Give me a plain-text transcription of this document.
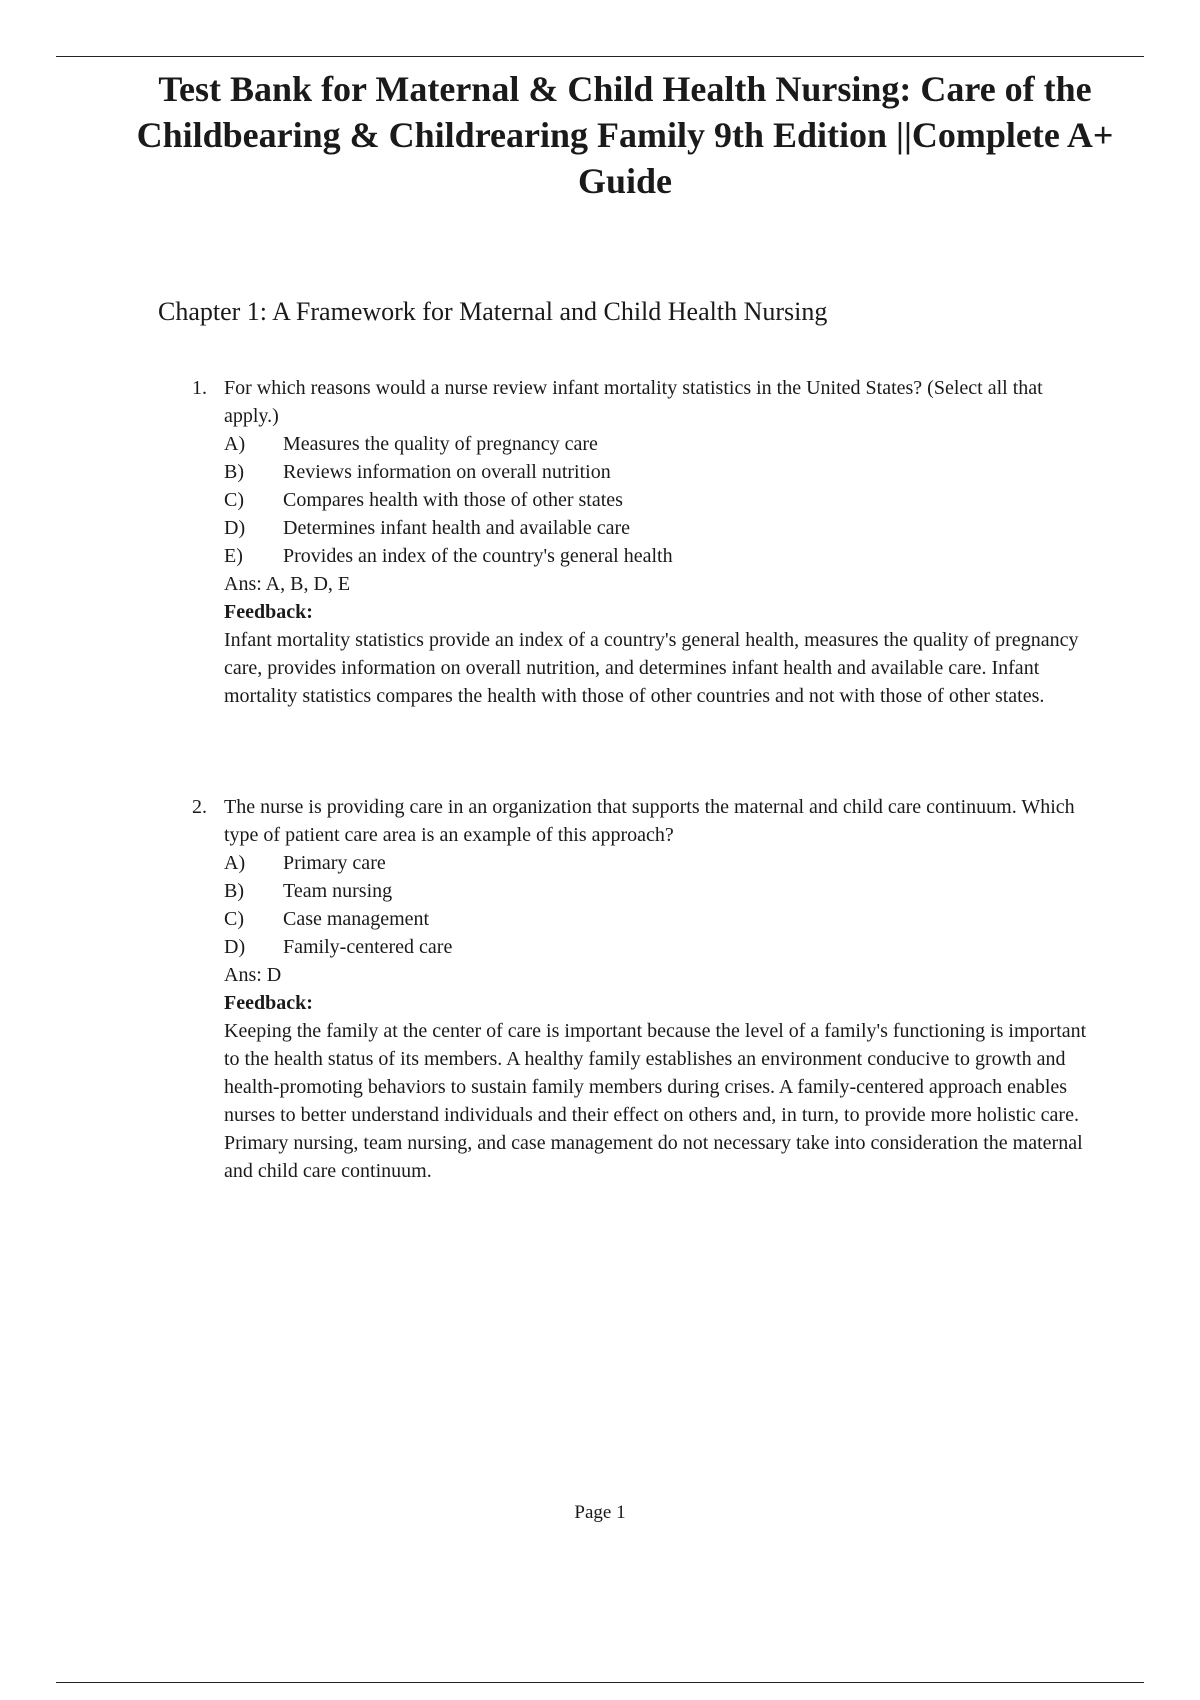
Test Bank for Maternal & Child Health Nursing: Care of the Childbearing & Childrearing Family 9th Edition ||Complete A+ Guide
Chapter 1: A Framework for Maternal and Child Health Nursing
1. For which reasons would a nurse review infant mortality statistics in the United States? (Select all that apply.)
A)	Measures the quality of pregnancy care
B)	Reviews information on overall nutrition
C)	Compares health with those of other states
D)	Determines infant health and available care
E)	Provides an index of the country's general health

Ans: A, B, D, E

Feedback:

Infant mortality statistics provide an index of a country's general health, measures the quality of pregnancy care, provides information on overall nutrition, and determines infant health and available care. Infant mortality statistics compares the health with those of other countries and not with those of other states.

2. The nurse is providing care in an organization that supports the maternal and child care continuum. Which type of patient care area is an example of this approach?
A)	Primary care
B)	Team nursing
C)	Case management
D)	Family-centered care

Ans: D

Feedback:

Keeping the family at the center of care is important because the level of a family's functioning is important to the health status of its members. A healthy family establishes an environment conducive to growth and health-promoting behaviors to sustain family members during crises. A family-centered approach enables nurses to better understand individuals and their effect on others and, in turn, to provide more holistic care. Primary nursing, team nursing, and case management do not necessary take into consideration the maternal and child care continuum.

Page 1
